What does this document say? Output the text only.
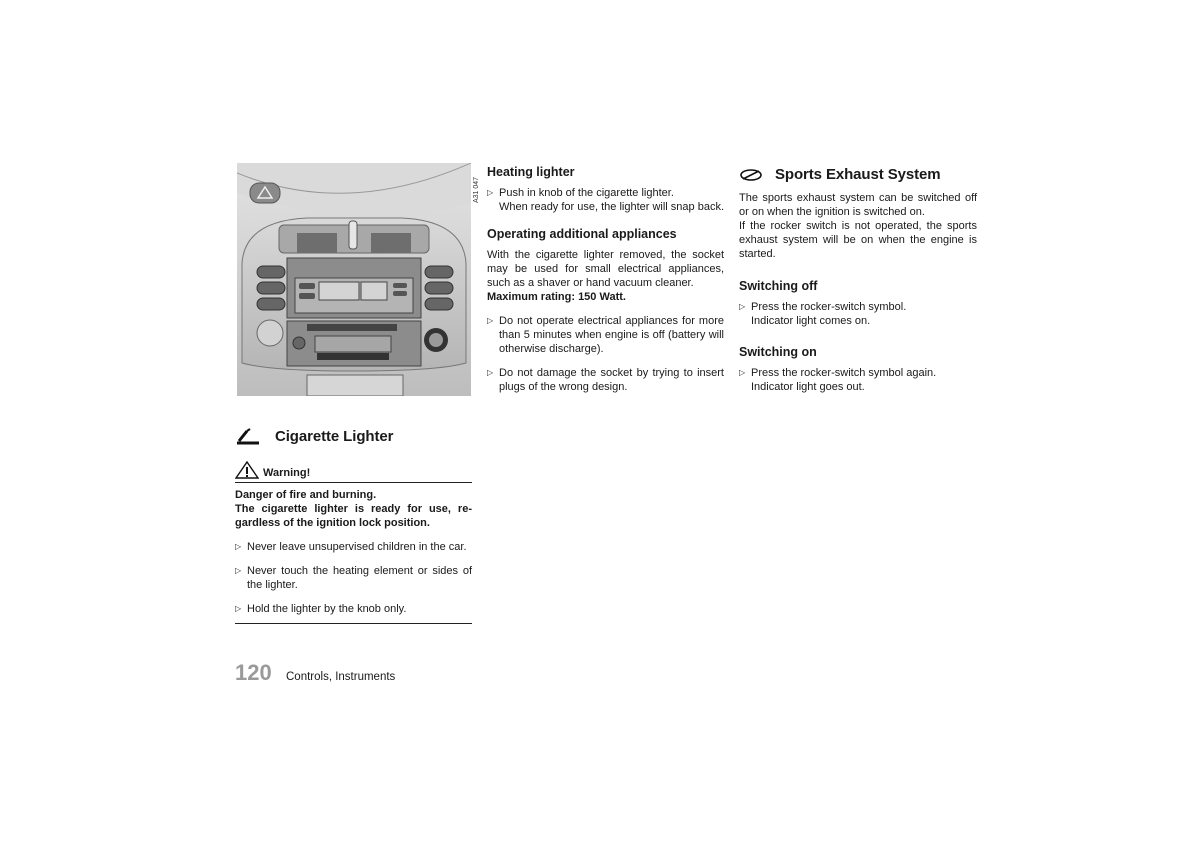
A31 047
Cigarette Lighter
Warning!

Danger of fire and burning.

The cigarette lighter is ready for use, re-gardless of the ignition lock position.

▷ Never leave unsupervised children in the car.
▷ Never touch the heating element or sides of the lighter.
▷ Hold the lighter by the knob only.
Heating lighter
▷ Push in knob of the cigarette lighter.
When ready for use, the lighter will snap back.
Operating additional appliances

With the cigarette lighter removed, the socket may be used for small electrical appliances, such as a shaver or hand vacuum cleaner.

Maximum rating: 150 Watt.

▷ Do not operate electrical appliances for more than 5 minutes when engine is off (battery will otherwise discharge).
▷ Do not damage the socket by trying to insert plugs of the wrong design.
Sports Exhaust System

The sports exhaust system can be switched off or on when the ignition is switched on.

If the rocker switch is not operated, the sports exhaust system will be on when the engine is started.

Switching off
▷ Press the rocker-switch symbol.
Indicator light comes on.
Switching on
▷ Press the rocker-switch symbol again.
Indicator light goes out.
120 Controls, Instruments
